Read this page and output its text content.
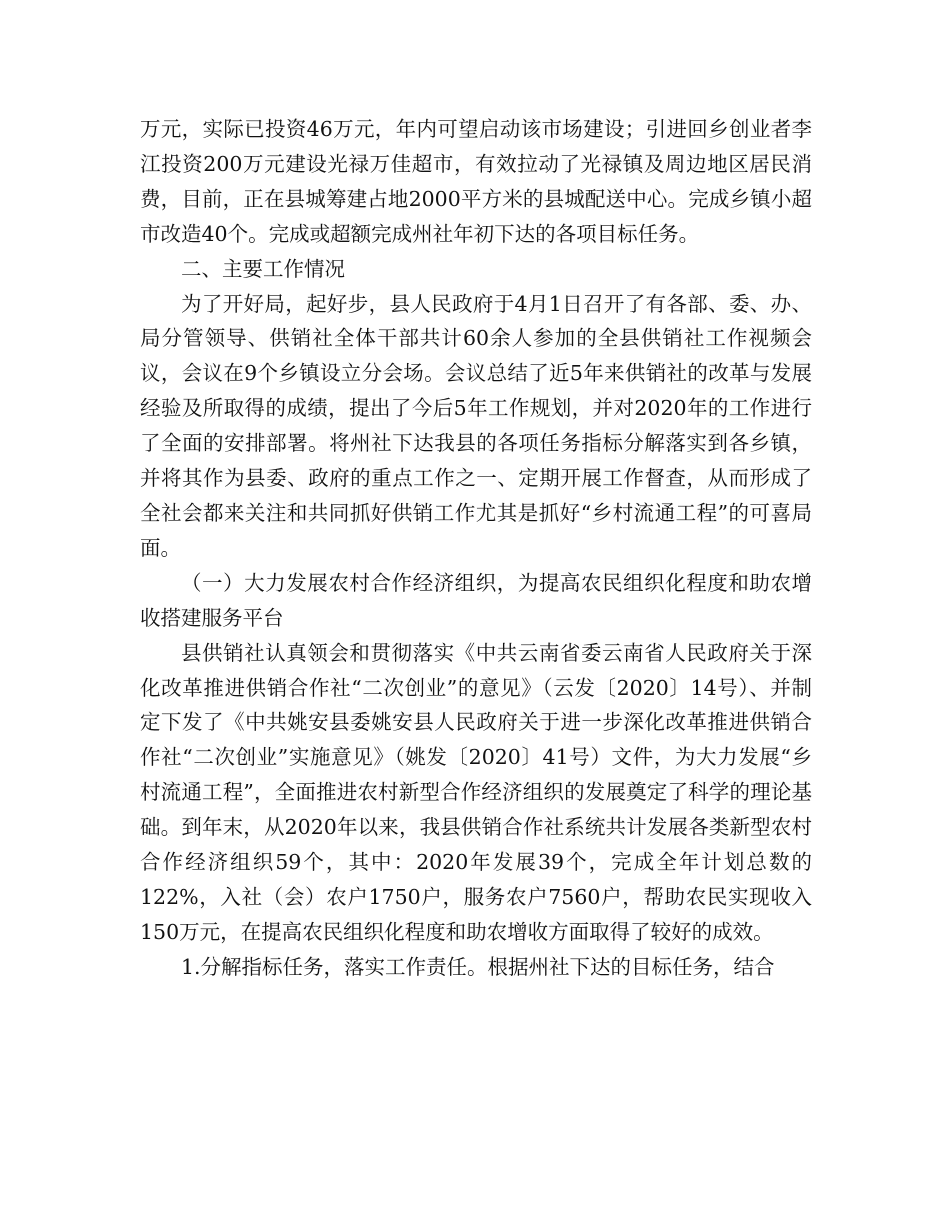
万元，实际已投资46万元，年内可望启动该市场建设；引进回乡创业者李江投资200万元建设光禄万佳超市，有效拉动了光禄镇及周边地区居民消费，目前，正在县城筹建占地2000平方米的县城配送中心。完成乡镇小超市改造40个。完成或超额完成州社年初下达的各项目标任务。

二、主要工作情况

为了开好局，起好步，县人民政府于4月1日召开了有各部、委、办、局分管领导、供销社全体干部共计60余人参加的全县供销社工作视频会议，会议在9个乡镇设立分会场。会议总结了近5年来供销社的改革与发展经验及所取得的成绩，提出了今后5年工作规划，并对2020年的工作进行了全面的安排部署。将州社下达我县的各项任务指标分解落实到各乡镇，并将其作为县委、政府的重点工作之一、定期开展工作督查，从而形成了全社会都来关注和共同抓好供销工作尤其是抓好“乡村流通工程”的可喜局面。

（一）大力发展农村合作经济组织，为提高农民组织化程度和助农增收搭建服务平台

县供销社认真领会和贯彻落实《中共云南省委云南省人民政府关于深化改革推进供销合作社“二次创业”的意见》（云发〔2020〕14号）、并制定下发了《中共姚安县委姚安县人民政府关于进一步深化改革推进供销合作社“二次创业”实施意见》（姚发〔2020〕41号）文件，为大力发展“乡村流通工程”，全面推进农村新型合作经济组织的发展奠定了科学的理论基础。到年末，从2020年以来，我县供销合作社系统共计发展各类新型农村合作经济组织59个，其中：2020年发展39个，完成全年计划总数的122%，入社（会）农户1750户，服务农户7560户，帮助农民实现收入150万元，在提高农民组织化程度和助农增收方面取得了较好的成效。

1.分解指标任务，落实工作责任。根据州社下达的目标任务，结合
